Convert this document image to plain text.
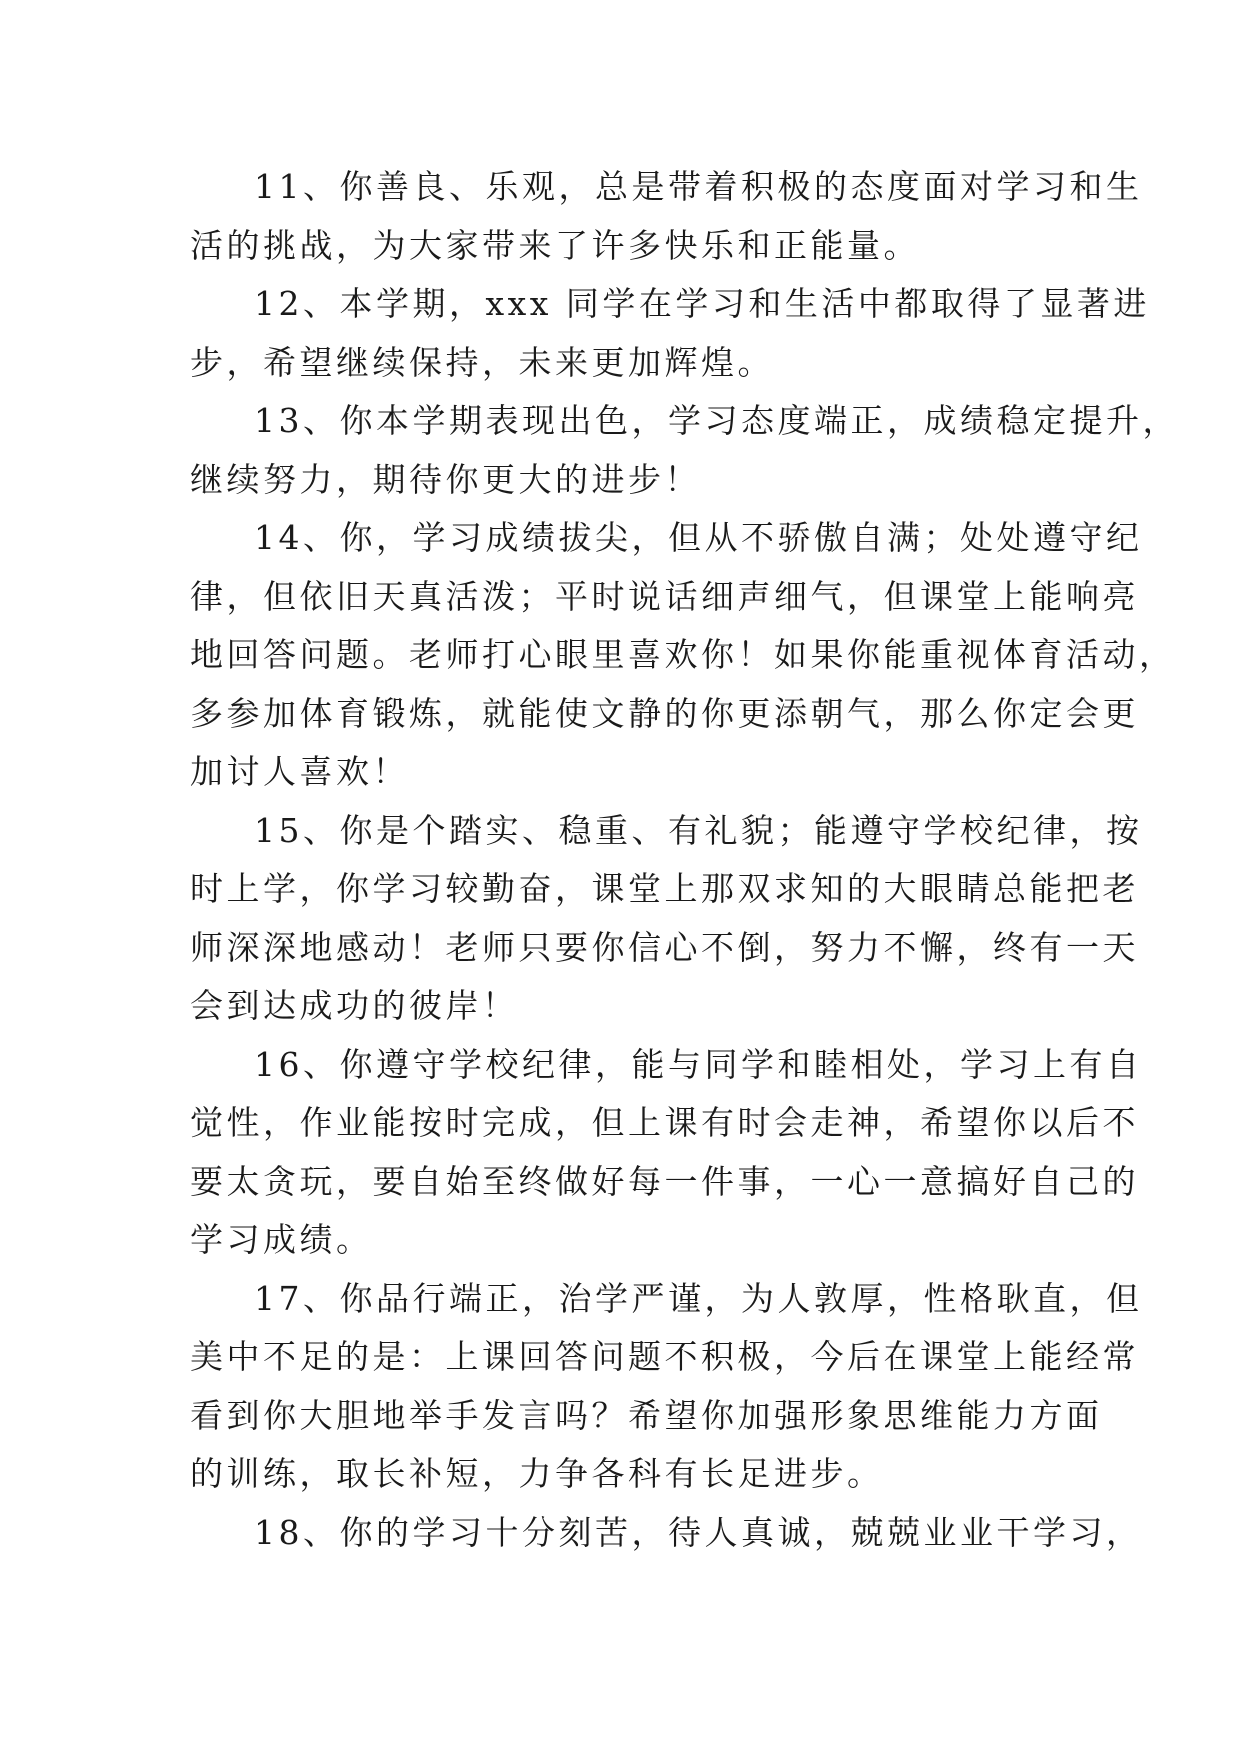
11、你善良、乐观，总是带着积极的态度面对学习和生
活的挑战，为大家带来了许多快乐和正能量。

12、本学期，xxx 同学在学习和生活中都取得了显著进
步，希望继续保持，未来更加辉煌。

13、你本学期表现出色，学习态度端正，成绩稳定提升，
继续努力，期待你更大的进步！

14、你，学习成绩拔尖，但从不骄傲自满；处处遵守纪
律，但依旧天真活泼；平时说话细声细气，但课堂上能响亮
地回答问题。老师打心眼里喜欢你！如果你能重视体育活动，
多参加体育锻炼，就能使文静的你更添朝气，那么你定会更
加讨人喜欢！

15、你是个踏实、稳重、有礼貌；能遵守学校纪律，按
时上学，你学习较勤奋，课堂上那双求知的大眼睛总能把老
师深深地感动！老师只要你信心不倒，努力不懈，终有一天
会到达成功的彼岸！

16、你遵守学校纪律，能与同学和睦相处，学习上有自
觉性，作业能按时完成，但上课有时会走神，希望你以后不
要太贪玩，要自始至终做好每一件事，一心一意搞好自己的
学习成绩。

17、你品行端正，治学严谨，为人敦厚，性格耿直，但
美中不足的是：上课回答问题不积极，今后在课堂上能经常
看到你大胆地举手发言吗？希望你加强形象思维能力方面
的训练，取长补短，力争各科有长足进步。

18、你的学习十分刻苦，待人真诚，兢兢业业干学习，
